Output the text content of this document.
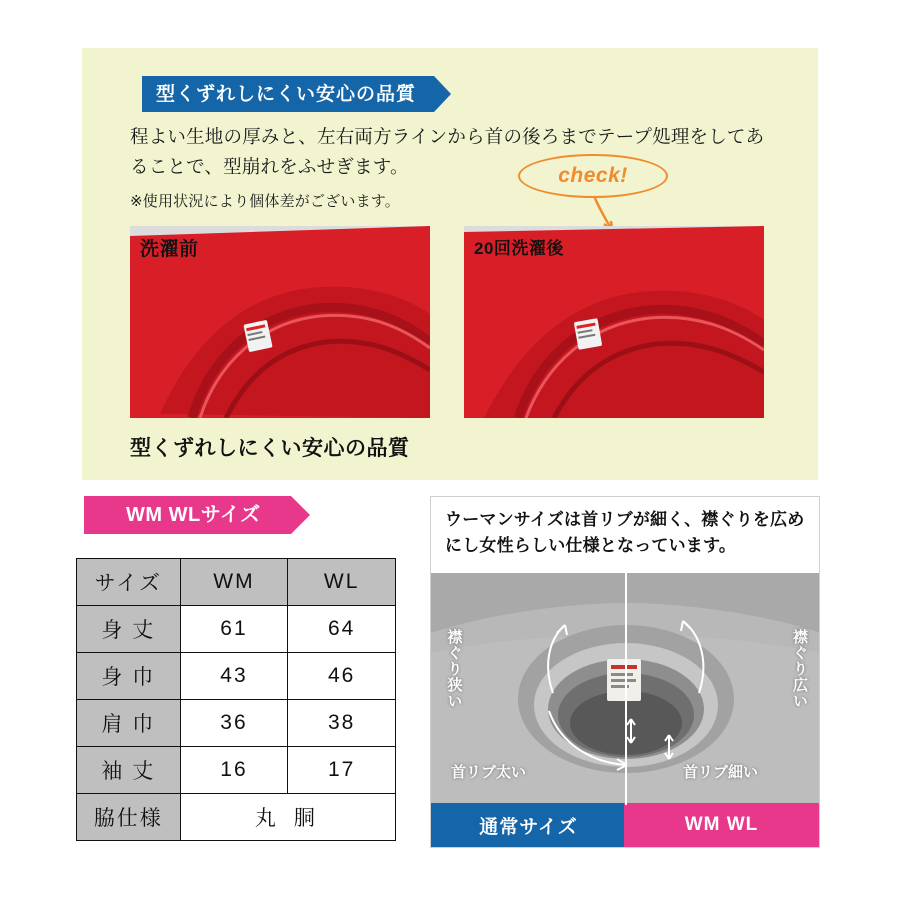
型くずれしにくい安心の品質
程よい生地の厚みと、左右両方ラインから首の後ろまでテープ処理をしてあることで、型崩れをふせぎます。
※使用状況により個体差がございます。
check!
洗濯前	20回洗濯後
型くずれしにくい安心の品質
WM WLサイズ
サイズ	WM	WL
身 丈	61	64
身 巾	43	46
肩 巾	36	38
袖 丈	16	17
脇仕様	丸 胴	
ウーマンサイズは首リブが細く、襟ぐりを広めにし女性らしい仕様となっています。
襟ぐり狭い	襟ぐり広い
首リブ太い	首リブ細い
通常サイズ	WM WL
